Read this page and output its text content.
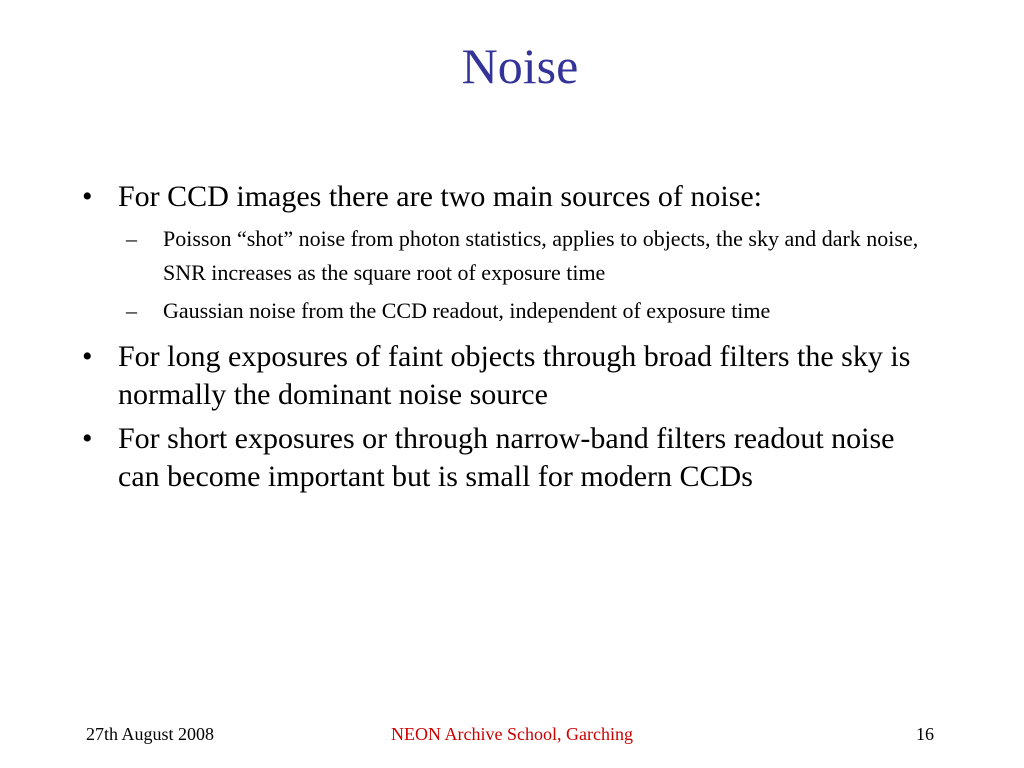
Noise
• For CCD images there are two main sources of noise:
– Poisson “shot” noise from photon statistics, applies to objects, the sky and dark noise, SNR increases as the square root of exposure time
– Gaussian noise from the CCD readout, independent of exposure time
• For long exposures of faint objects through broad filters the sky is normally the dominant noise source
• For short exposures or through narrow-band filters readout noise can become important but is small for modern CCDs
27th August 2008	NEON Archive School, Garching	16
